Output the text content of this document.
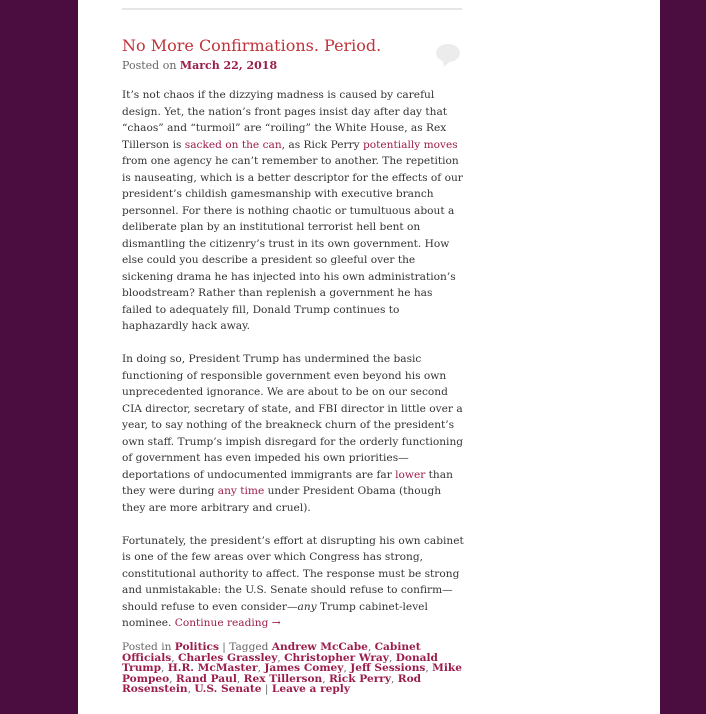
No More Confirmations. Period.
Posted on March 22, 2018

It’s not chaos if the dizzying madness is caused by careful design. Yet, the nation’s front pages insist day after day that “chaos” and “turmoil” are “roiling” the White House, as Rex Tillerson is sacked on the can, as Rick Perry potentially moves from one agency he can’t remember to another. The repetition is nauseating, which is a better descriptor for the effects of our president’s childish gamesmanship with executive branch personnel. For there is nothing chaotic or tumultuous about a deliberate plan by an institutional terrorist hell bent on dismantling the citizenry’s trust in its own government. How else could you describe a president so gleeful over the sickening drama he has injected into his own administration’s bloodstream? Rather than replenish a government he has failed to adequately fill, Donald Trump continues to haphazardly hack away.

In doing so, President Trump has undermined the basic functioning of responsible government even beyond his own unprecedented ignorance. We are about to be on our second CIA director, secretary of state, and FBI director in little over a year, to say nothing of the breakneck churn of the president’s own staff. Trump’s impish disregard for the orderly functioning of government has even impeded his own priorities—deportations of undocumented immigrants are far lower than they were during any time under President Obama (though they are more arbitrary and cruel).

Fortunately, the president’s effort at disrupting his own cabinet is one of the few areas over which Congress has strong, constitutional authority to affect. The response must be strong and unmistakable: the U.S. Senate should refuse to confirm—should refuse to even consider—any Trump cabinet-level nominee. Continue reading →

Posted in Politics | Tagged Andrew McCabe, Cabinet Officials, Charles Grassley, Christopher Wray, Donald Trump, H.R. McMaster, James Comey, Jeff Sessions, Mike Pompeo, Rand Paul, Rex Tillerson, Rick Perry, Rod Rosenstein, U.S. Senate | Leave a reply
